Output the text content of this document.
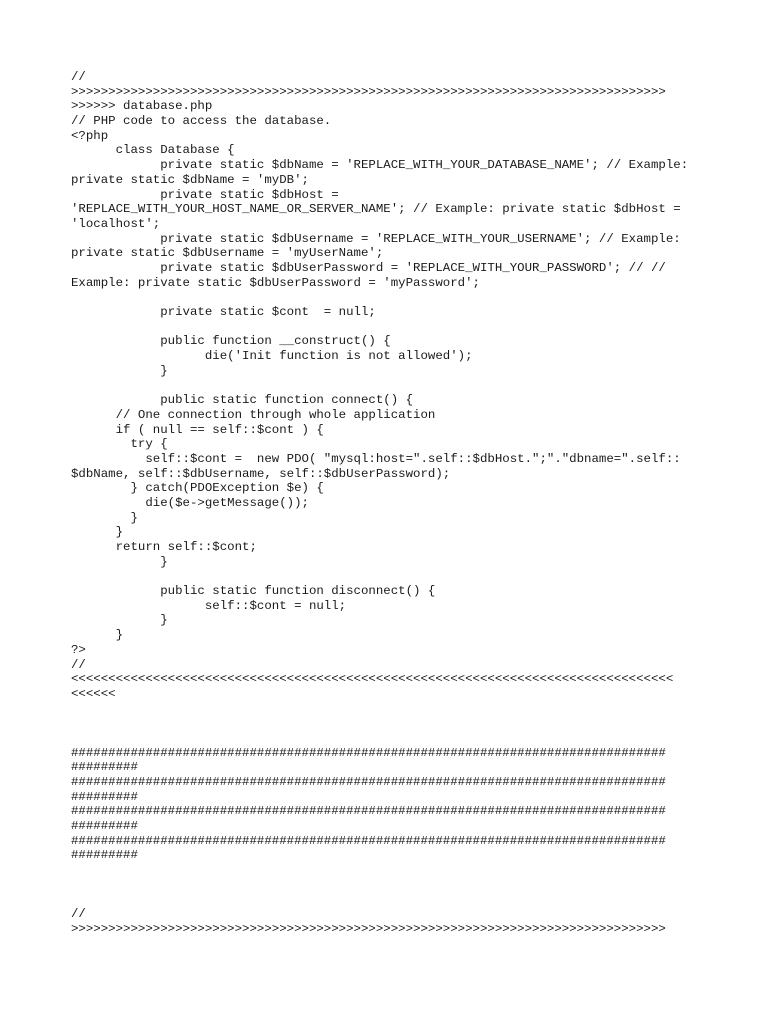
//
>>>>>>>>>>>>>>>>>>>>>>>>>>>>>>>>>>>>>>>>>>>>>>>>>>>>>>>>>>>>>>>>>>>>>>>>>>>>>>>>
>>>>>> database.php
// PHP code to access the database.
<?php
class Database {
private static $dbName = 'REPLACE_WITH_YOUR_DATABASE_NAME'; // Example:
private static $dbName = 'myDB';
private static $dbHost =
'REPLACE_WITH_YOUR_HOST_NAME_OR_SERVER_NAME'; // Example: private static $dbHost =
'localhost';
private static $dbUsername = 'REPLACE_WITH_YOUR_USERNAME'; // Example:
private static $dbUsername = 'myUserName';
private static $dbUserPassword = 'REPLACE_WITH_YOUR_PASSWORD'; // //
Example: private static $dbUserPassword = 'myPassword';
private static $cont  = null;
public function __construct() {
die('Init function is not allowed');
}
public static function connect() {
// One connection through whole application
if ( null == self::$cont ) {
try {
self::$cont =  new PDO( "mysql:host=".self::$dbHost.";"."dbname=".self::
$dbName, self::$dbUsername, self::$dbUserPassword);
} catch(PDOException $e) {
die($e->getMessage());
}
}
return self::$cont;
}
public static function disconnect() {
self::$cont = null;
}
}
?>
//
<<<<<<<<<<<<<<<<<<<<<<<<<<<<<<<<<<<<<<<<<<<<<<<<<<<<<<<<<<<<<<<<<<<<<<<<<<<<<<<<<
<<<<<<
################################################################################
#########
################################################################################
#########
################################################################################
#########
################################################################################
#########
//
>>>>>>>>>>>>>>>>>>>>>>>>>>>>>>>>>>>>>>>>>>>>>>>>>>>>>>>>>>>>>>>>>>>>>>>>>>>>>>>>
